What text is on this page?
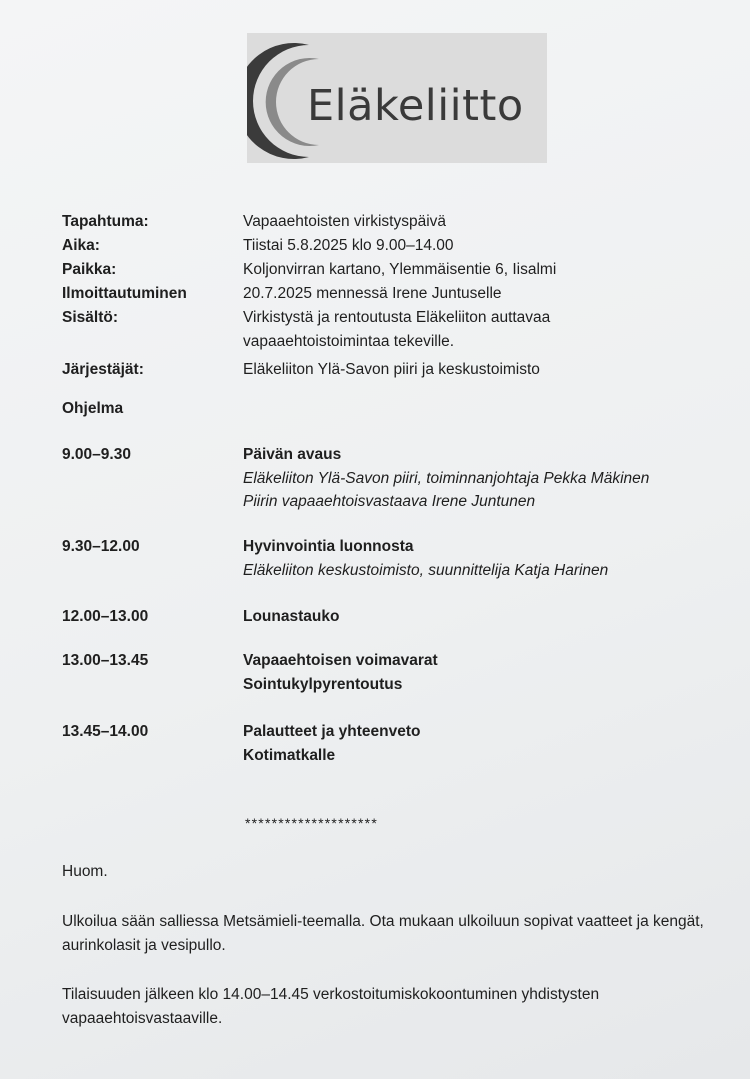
Eläkeliitto
Tapahtuma:	Vapaaehtoisten virkistyspäivä
Aika:	Tiistai 5.8.2025 klo 9.00–14.00
Paikka:	Koljonvirran kartano, Ylemmäisentie 6, Iisalmi
Ilmoittautuminen	20.7.2025 mennessä Irene Juntuselle
Sisältö:	Virkistystä ja rentoutusta Eläkeliiton auttavaa
vapaaehtoistoimintaa tekeville.
Järjestäjät:	Eläkeliiton Ylä-Savon piiri ja keskustoimisto
Ohjelma
9.00–9.30	Päivän avaus
Eläkeliiton Ylä-Savon piiri, toiminnanjohtaja Pekka Mäkinen
Piirin vapaaehtoisvastaava Irene Juntunen
9.30–12.00	Hyvinvointia luonnosta
Eläkeliiton keskustoimisto, suunnittelija Katja Harinen
12.00–13.00	Lounastauko
13.00–13.45	Vapaaehtoisen voimavarat
Sointukylpyrentoutus
13.45–14.00	Palautteet ja yhteenveto
Kotimatkalle
********************
Huom.
Ulkoilua sään salliessa Metsämieli-teemalla. Ota mukaan ulkoiluun sopivat vaatteet ja kengät, aurinkolasit ja vesipullo.
Tilaisuuden jälkeen klo 14.00–14.45 verkostoitumiskokoontuminen yhdistysten vapaaehtoisvastaaville.
